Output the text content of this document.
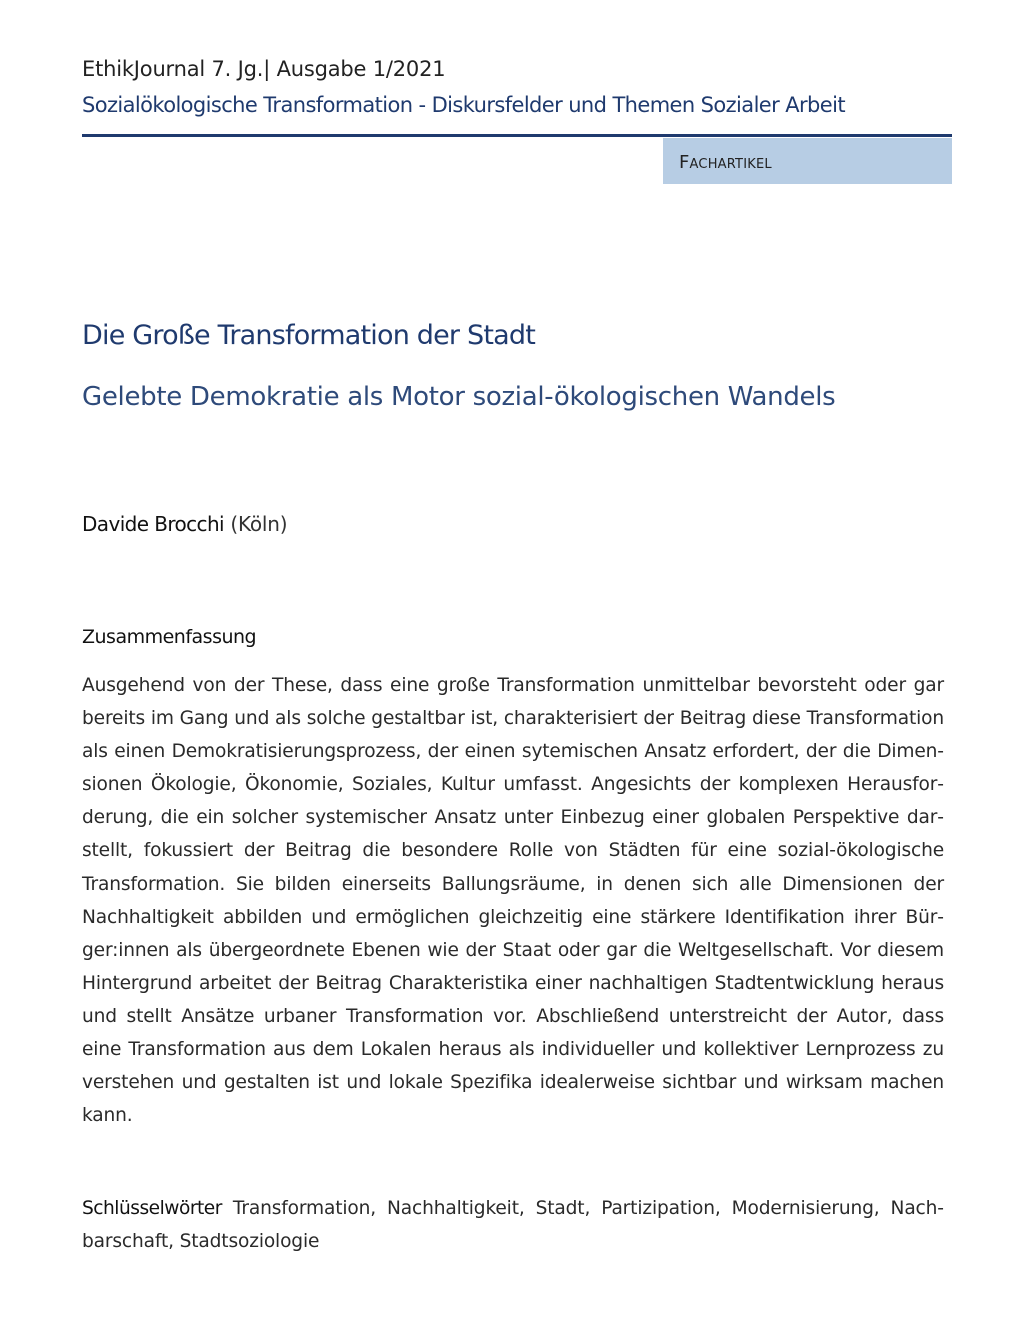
EthikJournal 7. Jg.| Ausgabe 1/2021
Sozialökologische Transformation - Diskursfelder und Themen Sozialer Arbeit
Fachartikel
Die Große Transformation der Stadt
Gelebte Demokratie als Motor sozial-ökologischen Wandels
Davide Brocchi (Köln)
Zusammenfassung

Ausgehend von der These, dass eine große Transformation unmittelbar bevorsteht oder gar bereits im Gang und als solche gestaltbar ist, charakterisiert der Beitrag diese Transformation als einen Demokratisierungsprozess, der einen sytemischen Ansatz erfordert, der die Dimensionen Ökologie, Ökonomie, Soziales, Kultur umfasst. Angesichts der komplexen Herausforderung, die ein solcher systemischer Ansatz unter Einbezug einer globalen Perspektive darstellt, fokussiert der Beitrag die besondere Rolle von Städten für eine sozial-ökologische Transformation. Sie bilden einerseits Ballungsräume, in denen sich alle Dimensionen der Nachhaltigkeit abbilden und ermöglichen gleichzeitig eine stärkere Identifikation ihrer Bürger:innen als übergeordnete Ebenen wie der Staat oder gar die Weltgesellschaft. Vor diesem Hintergrund arbeitet der Beitrag Charakteristika einer nachhaltigen Stadtentwicklung heraus und stellt Ansätze urbaner Transformation vor. Abschließend unterstreicht der Autor, dass eine Transformation aus dem Lokalen heraus als individueller und kollektiver Lernprozess zu verstehen und gestalten ist und lokale Spezifika idealerweise sichtbar und wirksam machen kann.

Schlüsselwörter Transformation, Nachhaltigkeit, Stadt, Partizipation, Modernisierung, Nachbarschaft, Stadtsoziologie
